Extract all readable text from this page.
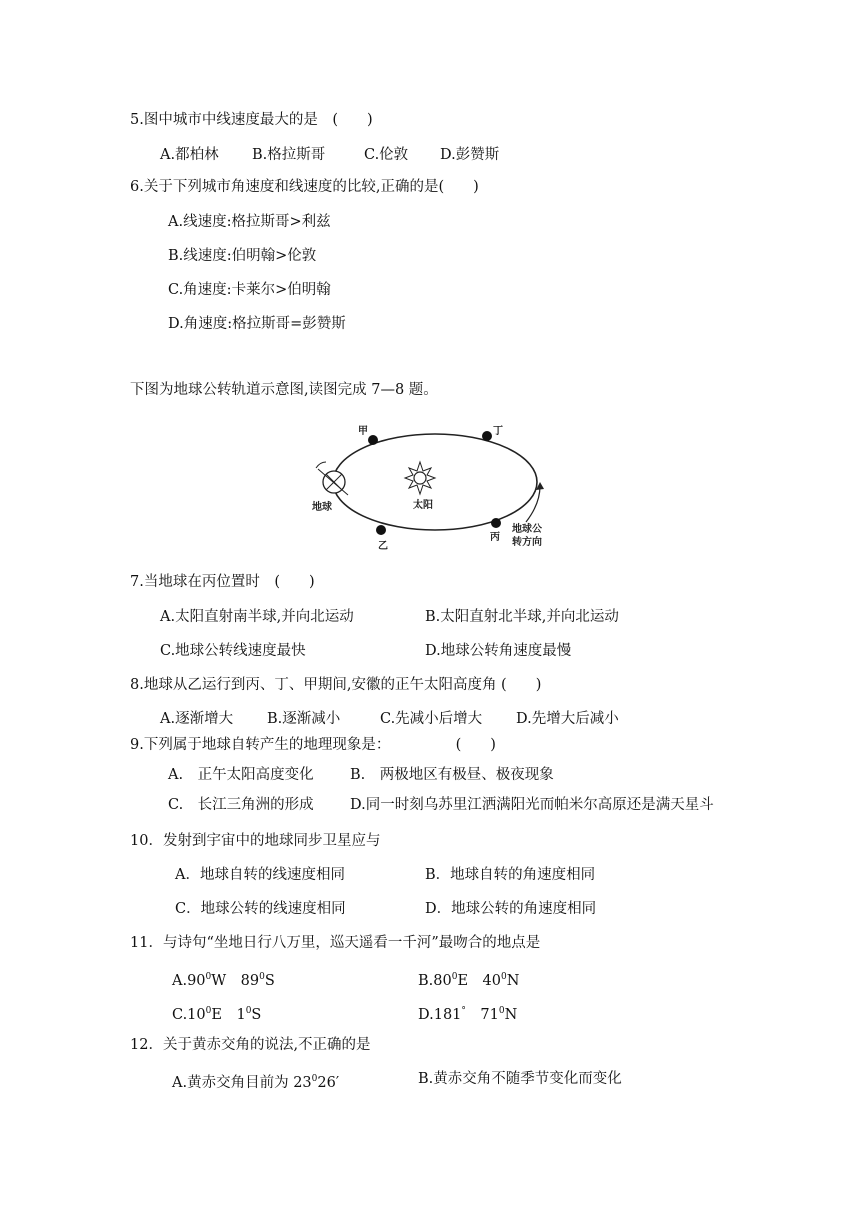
5.图中城市中线速度最大的是　(　　)
A.都柏林 B.格拉斯哥	C.伦敦 D.彭赞斯
6.关于下列城市角速度和线速度的比较,正确的是(　　)
A.线速度:格拉斯哥>利兹
B.线速度:伯明翰>伦敦
C.角速度:卡莱尔>伯明翰
D.角速度:格拉斯哥=彭赞斯
下图为地球公转轨道示意图,读图完成 7—8 题。
甲	丁
乙
丙
地球	太阳
地球公
转方向
7.当地球在丙位置时　(　　)
A.太阳直射南半球,并向北运动	B.太阳直射北半球,并向北运动
C.地球公转线速度最快	D.地球公转角速度最慢
8.地球从乙运行到丙、丁、甲期间,安徽的正午太阳高度角 (　　)
A.逐渐增大 B.逐渐减小	C.先减小后增大 D.先增大后减小
9.下列属于地球自转产生的地理现象是：　　　　　(　　)
A.　正午太阳高度变化	B.　两极地区有极昼、极夜现象
C.　长江三角洲的形成	D.同一时刻乌苏里江洒满阳光而帕米尔高原还是满天星斗
10．发射到宇宙中的地球同步卫星应与
A．地球自转的线速度相同	B．地球自转的角速度相同
C．地球公转的线速度相同	D．地球公转的角速度相同
11．与诗句“坐地日行八万里，巡天遥看一千河”最吻合的地点是
$A.90^0W$　$89^0S$	$B.80^0E$　$40^0N$
$C.10^0E$　$1^0S$	D.181°　$71^0N$
12．关于黄赤交角的说法,不正确的是
A.黄赤交角目前为 $23^026'$	B.黄赤交角不随季节变化而变化
